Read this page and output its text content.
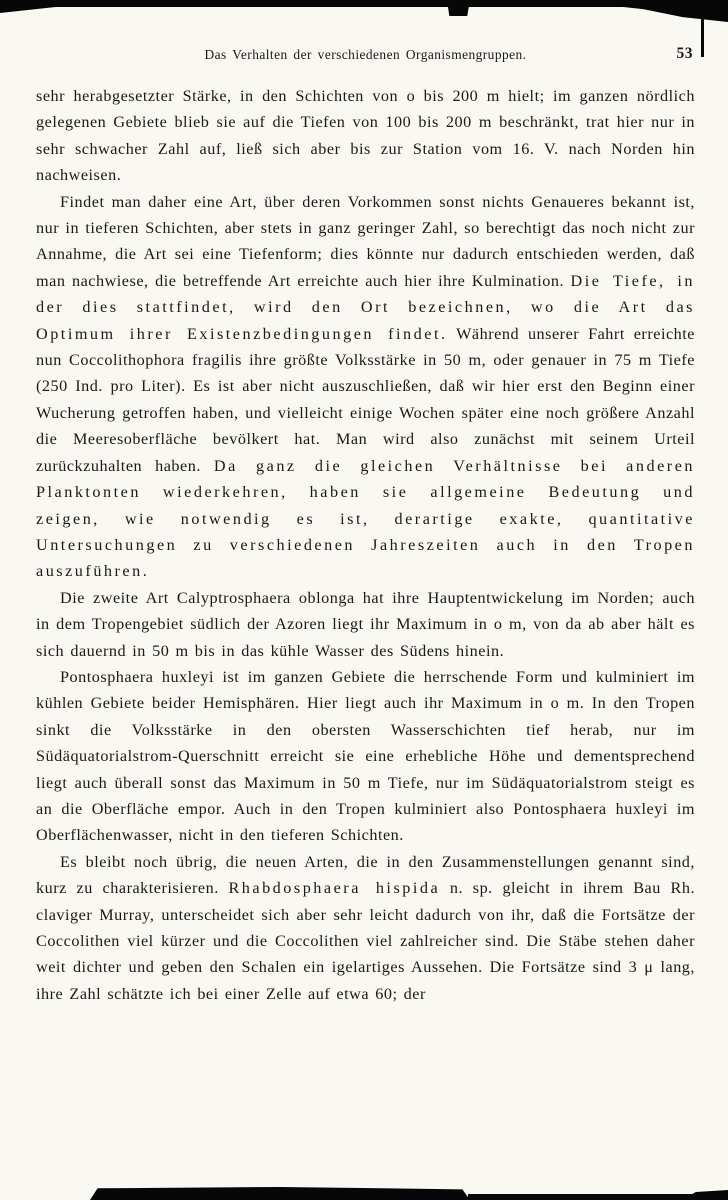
Das Verhalten der verschiedenen Organismengruppen.	53

sehr herabgesetzter Stärke, in den Schichten von o bis 200 m hielt; im ganzen nördlich gelegenen Gebiete blieb sie auf die Tiefen von 100 bis 200 m beschränkt, trat hier nur in sehr schwacher Zahl auf, ließ sich aber bis zur Station vom 16. V. nach Norden hin nachweisen.

Findet man daher eine Art, über deren Vorkommen sonst nichts Genaueres bekannt ist, nur in tieferen Schichten, aber stets in ganz geringer Zahl, so berechtigt das noch nicht zur Annahme, die Art sei eine Tiefenform; dies könnte nur dadurch entschieden werden, daß man nachwiese, die betreffende Art erreichte auch hier ihre Kulmination. Die Tiefe, in der dies stattfindet, wird den Ort bezeichnen, wo die Art das Optimum ihrer Existenzbedingungen findet. Während unserer Fahrt erreichte nun Coccolithophora fragilis ihre größte Volksstärke in 50 m, oder genauer in 75 m Tiefe (250 Ind. pro Liter). Es ist aber nicht auszuschließen, daß wir hier erst den Beginn einer Wucherung getroffen haben, und vielleicht einige Wochen später eine noch größere Anzahl die Meeresoberfläche bevölkert hat. Man wird also zunächst mit seinem Urteil zurückzuhalten haben. Da ganz die gleichen Verhältnisse bei anderen Planktonten wiederkehren, haben sie allgemeine Bedeutung und zeigen, wie notwendig es ist, derartige exakte, quantitative Untersuchungen zu verschiedenen Jahreszeiten auch in den Tropen auszuführen.

Die zweite Art Calyptrosphaera oblonga hat ihre Hauptentwickelung im Norden; auch in dem Tropengebiet südlich der Azoren liegt ihr Maximum in o m, von da ab aber hält es sich dauernd in 50 m bis in das kühle Wasser des Südens hinein.

Pontosphaera huxleyi ist im ganzen Gebiete die herrschende Form und kulminiert im kühlen Gebiete beider Hemisphären. Hier liegt auch ihr Maximum in o m. In den Tropen sinkt die Volksstärke in den obersten Wasserschichten tief herab, nur im Südäquatorialstrom-Querschnitt erreicht sie eine erhebliche Höhe und dementsprechend liegt auch überall sonst das Maximum in 50 m Tiefe, nur im Südäquatorialstrom steigt es an die Oberfläche empor. Auch in den Tropen kulminiert also Pontosphaera huxleyi im Oberflächenwasser, nicht in den tieferen Schichten.

Es bleibt noch übrig, die neuen Arten, die in den Zusammenstellungen genannt sind, kurz zu charakterisieren. Rhabdosphaera hispida n. sp. gleicht in ihrem Bau Rh. claviger Murray, unterscheidet sich aber sehr leicht dadurch von ihr, daß die Fortsätze der Coccolithen viel kürzer und die Coccolithen viel zahlreicher sind. Die Stäbe stehen daher weit dichter und geben den Schalen ein igelartiges Aussehen. Die Fortsätze sind 3 μ lang, ihre Zahl schätzte ich bei einer Zelle auf etwa 60; der
